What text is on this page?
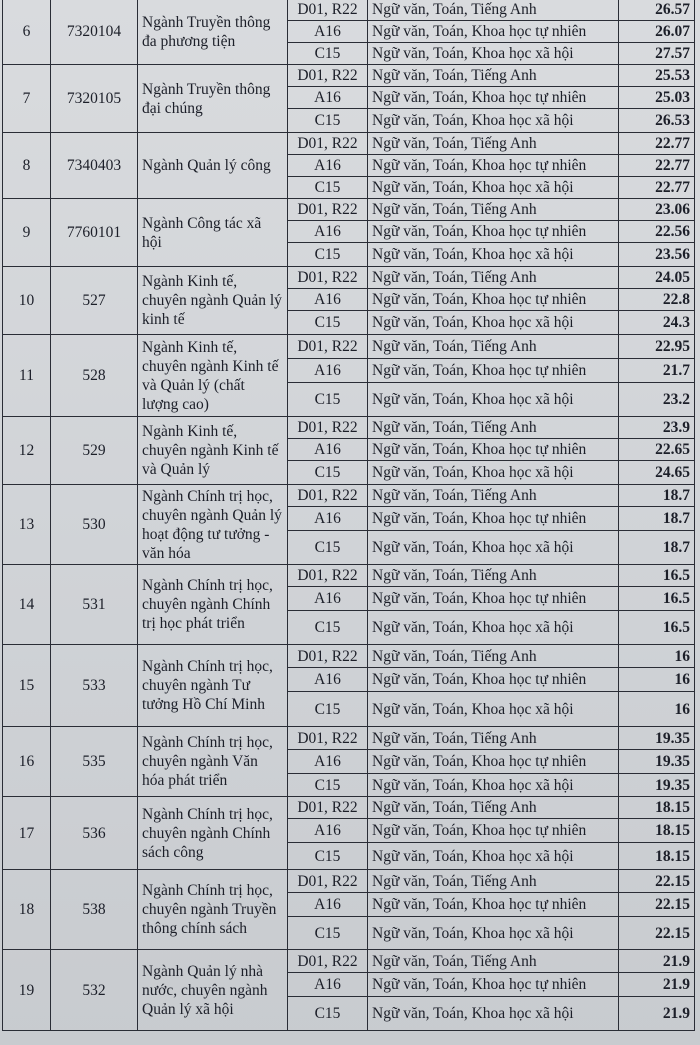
6	7320104	Ngành Truyền thông đa phương tiện	D01, R22	Ngữ văn, Toán, Tiếng Anh	26.57
			A16	Ngữ văn, Toán, Khoa học tự nhiên	26.07
			C15	Ngữ văn, Toán, Khoa học xã hội	27.57
7	7320105	Ngành Truyền thông đại chúng	D01, R22	Ngữ văn, Toán, Tiếng Anh	25.53
			A16	Ngữ văn, Toán, Khoa học tự nhiên	25.03
			C15	Ngữ văn, Toán, Khoa học xã hội	26.53
8	7340403	Ngành Quản lý công	D01, R22	Ngữ văn, Toán, Tiếng Anh	22.77
			A16	Ngữ văn, Toán, Khoa học tự nhiên	22.77
			C15	Ngữ văn, Toán, Khoa học xã hội	22.77
9	7760101	Ngành Công tác xã hội	D01, R22	Ngữ văn, Toán, Tiếng Anh	23.06
			A16	Ngữ văn, Toán, Khoa học tự nhiên	22.56
			C15	Ngữ văn, Toán, Khoa học xã hội	23.56
10	527	Ngành Kinh tế, chuyên ngành Quản lý kinh tế	D01, R22	Ngữ văn, Toán, Tiếng Anh	24.05
			A16	Ngữ văn, Toán, Khoa học tự nhiên	22.8
			C15	Ngữ văn, Toán, Khoa học xã hội	24.3
11	528	Ngành Kinh tế, chuyên ngành Kinh tế và Quản lý (chất lượng cao)	D01, R22	Ngữ văn, Toán, Tiếng Anh	22.95
			A16	Ngữ văn, Toán, Khoa học tự nhiên	21.7
			C15	Ngữ văn, Toán, Khoa học xã hội	23.2
12	529	Ngành Kinh tế, chuyên ngành Kinh tế và Quản lý	D01, R22	Ngữ văn, Toán, Tiếng Anh	23.9
			A16	Ngữ văn, Toán, Khoa học tự nhiên	22.65
			C15	Ngữ văn, Toán, Khoa học xã hội	24.65
13	530	Ngành Chính trị học, chuyên ngành Quản lý hoạt động tư tưởng - văn hóa	D01, R22	Ngữ văn, Toán, Tiếng Anh	18.7
			A16	Ngữ văn, Toán, Khoa học tự nhiên	18.7
			C15	Ngữ văn, Toán, Khoa học xã hội	18.7
14	531	Ngành Chính trị học, chuyên ngành Chính trị học phát triển	D01, R22	Ngữ văn, Toán, Tiếng Anh	16.5
			A16	Ngữ văn, Toán, Khoa học tự nhiên	16.5
			C15	Ngữ văn, Toán, Khoa học xã hội	16.5
15	533	Ngành Chính trị học, chuyên ngành Tư tưởng Hồ Chí Minh	D01, R22	Ngữ văn, Toán, Tiếng Anh	16
			A16	Ngữ văn, Toán, Khoa học tự nhiên	16
			C15	Ngữ văn, Toán, Khoa học xã hội	16
16	535	Ngành Chính trị học, chuyên ngành Văn hóa phát triển	D01, R22	Ngữ văn, Toán, Tiếng Anh	19.35
			A16	Ngữ văn, Toán, Khoa học tự nhiên	19.35
			C15	Ngữ văn, Toán, Khoa học xã hội	19.35
17	536	Ngành Chính trị học, chuyên ngành Chính sách công	D01, R22	Ngữ văn, Toán, Tiếng Anh	18.15
			A16	Ngữ văn, Toán, Khoa học tự nhiên	18.15
			C15	Ngữ văn, Toán, Khoa học xã hội	18.15
18	538	Ngành Chính trị học, chuyên ngành Truyền thông chính sách	D01, R22	Ngữ văn, Toán, Tiếng Anh	22.15
			A16	Ngữ văn, Toán, Khoa học tự nhiên	22.15
			C15	Ngữ văn, Toán, Khoa học xã hội	22.15
19	532	Ngành Quản lý nhà nước, chuyên ngành Quản lý xã hội	D01, R22	Ngữ văn, Toán, Tiếng Anh	21.9
			A16	Ngữ văn, Toán, Khoa học tự nhiên	21.9
			C15	Ngữ văn, Toán, Khoa học xã hội	21.9
